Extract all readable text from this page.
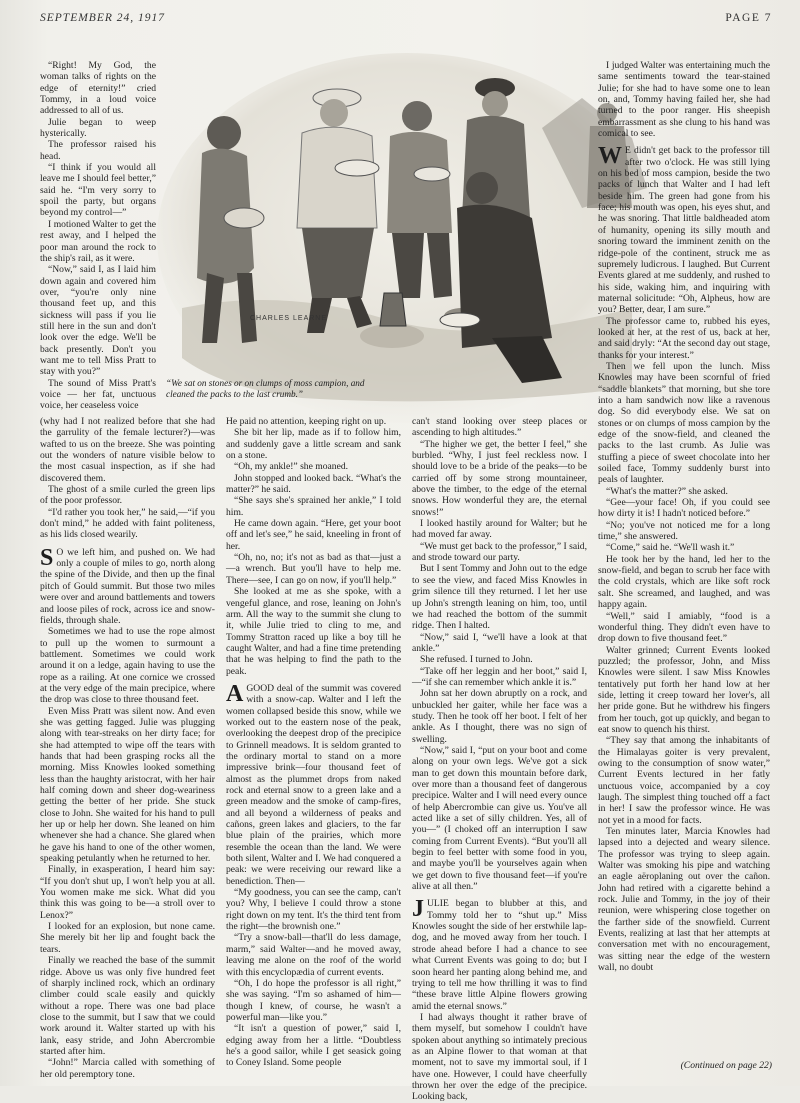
SEPTEMBER 24, 1917	PAGE 7
CHARLES LEARNE
“We sat on stones or on clumps of moss campion, and cleaned the packs to the last crumb.”

“Right! My God, the woman talks of rights on the edge of eternity!” cried Tommy, in a loud voice addressed to all of us.

Julie began to weep hysterically.

The professor raised his head.

“I think if you would all leave me I should feel better,” said he. “I'm very sorry to spoil the party, but organs beyond my control—”

I motioned Walter to get the rest away, and I helped the poor man around the rock to the ship's rail, as it were.

“Now,” said I, as I laid him down again and covered him over, “you're only nine thousand feet up, and this sickness will pass if you lie still here in the sun and don't look over the edge. We'll be back presently. Don't you want me to tell Miss Pratt to stay with you?”

The sound of Miss Pratt's voice — her fat, unctuous voice, her ceaseless voice

(why had I not realized before that she had the garrulity of the female lecturer?)—was wafted to us on the breeze. She was pointing out the wonders of nature visible below to the most casual inspection, as if she had discovered them.

The ghost of a smile curled the green lips of the poor professor.

“I'd rather you took her,” he said,—“if you don't mind,” he added with faint politeness, as his lids closed wearily.

S O we left him, and pushed on. We had only a couple of miles to go, north along the spine of the Divide, and then up the final pitch of Gould summit. But those two miles were over and around battlements and towers and loose piles of rock, across ice and snow-fields, through shale.

Sometimes we had to use the rope almost to pull up the women to surmount a battlement. Sometimes we could work around it on a ledge, again having to use the rope as a railing. At one cornice we crossed at the very edge of the main precipice, where the drop was close to three thousand feet.

Even Miss Pratt was silent now. And even she was getting fagged. Julie was plugging along with tear-streaks on her dirty face; for she had attempted to wipe off the tears with hands that had been grasping rocks all the morning. Miss Knowles looked something less than the haughty aristocrat, with her hair half coming down and sheer dog-weariness getting the better of her pride. She stuck close to John. She waited for his hand to pull her up or help her down. She leaned on him whenever she had a chance. She glared when he gave his hand to one of the other women, speaking petulantly when he returned to her.

Finally, in exasperation, I heard him say: “If you don't shut up, I won't help you at all. You women make me sick. What did you think this was going to be—a stroll over to Lenox?”

I looked for an explosion, but none came. She merely bit her lip and fought back the tears.

Finally we reached the base of the summit ridge. Above us was only five hundred feet of sharply inclined rock, which an ordinary climber could scale easily and quickly without a rope. There was one bad place close to the summit, but I saw that we could work around it. Walter started up with his lank, easy stride, and John Abercrombie started after him.

“John!” Marcia called with something of her old peremptory tone.

He paid no attention, keeping right on up.

She bit her lip, made as if to follow him, and suddenly gave a little scream and sank on a stone.

“Oh, my ankle!” she moaned.

John stopped and looked back. “What's the matter?” he said.

“She says she's sprained her ankle,” I told him.

He came down again. “Here, get your boot off and let's see,” he said, kneeling in front of her.

“Oh, no, no; it's not as bad as that—just a—a wrench. But you'll have to help me. There—see, I can go on now, if you'll help.”

She looked at me as she spoke, with a vengeful glance, and rose, leaning on John's arm. All the way to the summit she clung to it, while Julie tried to cling to me, and Tommy Stratton raced up like a boy till he caught Walter, and had a fine time pretending that he was helping to find the path to the peak.

A GOOD deal of the summit was covered with a snow-cap. Walter and I left the women collapsed beside this snow, while we worked out to the eastern nose of the peak, overlooking the deepest drop of the precipice to Grinnell meadows. It is seldom granted to the ordinary mortal to stand on a more impressive brink—four thousand feet of almost as the plummet drops from naked rock and eternal snow to a green lake and a green meadow and the smoke of camp-fires, and all beyond a wilderness of peaks and cañons, green lakes and glaciers, to the far blue plain of the prairies, which more resemble the ocean than the land. We were both silent, Walter and I. We had conquered a peak: we were receiving our reward like a benediction. Then—

“My goodness, you can see the camp, can't you? Why, I believe I could throw a stone right down on my tent. It's the third tent from the right—the brownish one.”

“Try a snow-ball—that'll do less damage, marm,” said Walter—and he moved away, leaving me alone on the roof of the world with this encyclopædia of current events.

“Oh, I do hope the professor is all right,” she was saying. “I'm so ashamed of him—though I knew, of course, he wasn't a powerful man—like you.”

“It isn't a question of power,” said I, edging away from her a little. “Doubtless he's a good sailor, while I get seasick going to Coney Island. Some people

can't stand looking over steep places or ascending to high altitudes.”

“The higher we get, the better I feel,” she burbled. “Why, I just feel reckless now. I should love to be a bride of the peaks—to be carried off by some strong mountaineer, above the timber, to the edge of the eternal snows. How wonderful they are, the eternal snows!”

I looked hastily around for Walter; but he had moved far away.

“We must get back to the professor,” I said, and strode toward our party.

But I sent Tommy and John out to the edge to see the view, and faced Miss Knowles in grim silence till they returned. I let her use up John's strength leaning on him, too, until we had reached the bottom of the summit ridge. Then I halted.

“Now,” said I, “we'll have a look at that ankle.”

She refused. I turned to John.

“Take off her leggin and her boot,” said I,—“if she can remember which ankle it is.”

John sat her down abruptly on a rock, and unbuckled her gaiter, while her face was a study. Then he took off her boot. I felt of her ankle. As I thought, there was no sign of swelling.

“Now,” said I, “put on your boot and come along on your own legs. We've got a sick man to get down this mountain before dark, over more than a thousand feet of dangerous precipice. Walter and I will need every ounce of help Abercrombie can give us. You've all acted like a set of silly children. Yes, all of you—” (I choked off an interruption I saw coming from Current Events). “But you'll all begin to feel better with some food in you, and maybe you'll be yourselves again when we get down to five thousand feet—if you're alive at all then.”

JULIE began to blubber at this, and Tommy told her to “shut up.” Miss Knowles sought the side of her erstwhile lap-dog, and he moved away from her touch. I strode ahead before I had a chance to see what Current Events was going to do; but I soon heard her panting along behind me, and trying to tell me how thrilling it was to find “these brave little Alpine flowers growing amid the eternal snows.”

I had always thought it rather brave of them myself, but somehow I couldn't have spoken about anything so intimately precious as an Alpine flower to that woman at that moment, not to save my immortal soul, if I have one. However, I could have cheerfully thrown her over the edge of the precipice. Looking back,

I judged Walter was entertaining much the same sentiments toward the tear-stained Julie; for she had to have some one to lean on, and, Tommy having failed her, she had turned to the poor ranger. His sheepish embarrassment as she clung to his hand was comical to see.

W E didn't get back to the professor till after two o'clock. He was still lying on his bed of moss campion, beside the two packs of lunch that Walter and I had left beside him. The green had gone from his face; his mouth was open, his eyes shut, and he was snoring. That little baldheaded atom of humanity, opening its silly mouth and snoring toward the imminent zenith on the ridge-pole of the continent, struck me as supremely ludicrous. I laughed. But Current Events glared at me suddenly, and rushed to his side, waking him, and inquiring with maternal solicitude: “Oh, Alpheus, how are you? Better, dear, I am sure.”

The professor came to, rubbed his eyes, looked at her, at the rest of us, back at her, and said dryly: “At the second day out stage, thanks for your interest.”

Then we fell upon the lunch. Miss Knowles may have been scornful of fried “saddle blankets” that morning, but she tore into a ham sandwich now like a ravenous dog. So did everybody else. We sat on stones or on clumps of moss campion by the edge of the snow-field, and cleaned the packs to the last crumb. As Julie was stuffing a piece of sweet chocolate into her soiled face, Tommy suddenly burst into peals of laughter.

“What's the matter?” she asked.

“Gee—your face! Oh, if you could see how dirty it is! I hadn't noticed before.”

“No; you've not noticed me for a long time,” she answered.

“Come,” said he. “We'll wash it.”

He took her by the hand, led her to the snow-field, and began to scrub her face with the cold crystals, which are like soft rock salt. She screamed, and laughed, and was happy again.

“Well,” said I amiably, “food is a wonderful thing. They didn't even have to drop down to five thousand feet.”

Walter grinned; Current Events looked puzzled; the professor, John, and Miss Knowles were silent. I saw Miss Knowles tentatively put forth her hand low at her side, letting it creep toward her lover's, all her pride gone. But he withdrew his fingers from her touch, got up quickly, and began to eat snow to quench his thirst.

“They say that among the inhabitants of the Himalayas goiter is very prevalent, owing to the consumption of snow water,” Current Events lectured in her fatly unctuous voice, accompanied by a coy laugh. The simplest thing touched off a fact in her! I saw the professor wince. He was not yet in a mood for facts.

Ten minutes later, Marcia Knowles had lapsed into a dejected and weary silence. The professor was trying to sleep again. Walter was smoking his pipe and watching an eagle aëroplaning out over the cañon. John had retired with a cigarette behind a rock. Julie and Tommy, in the joy of their reunion, were whispering close together on the farther side of the snowfield. Current Events, realizing at last that her attempts at conversation met with no encouragement, was sitting near the edge of the western wall, no doubt

(Continued on page 22)
